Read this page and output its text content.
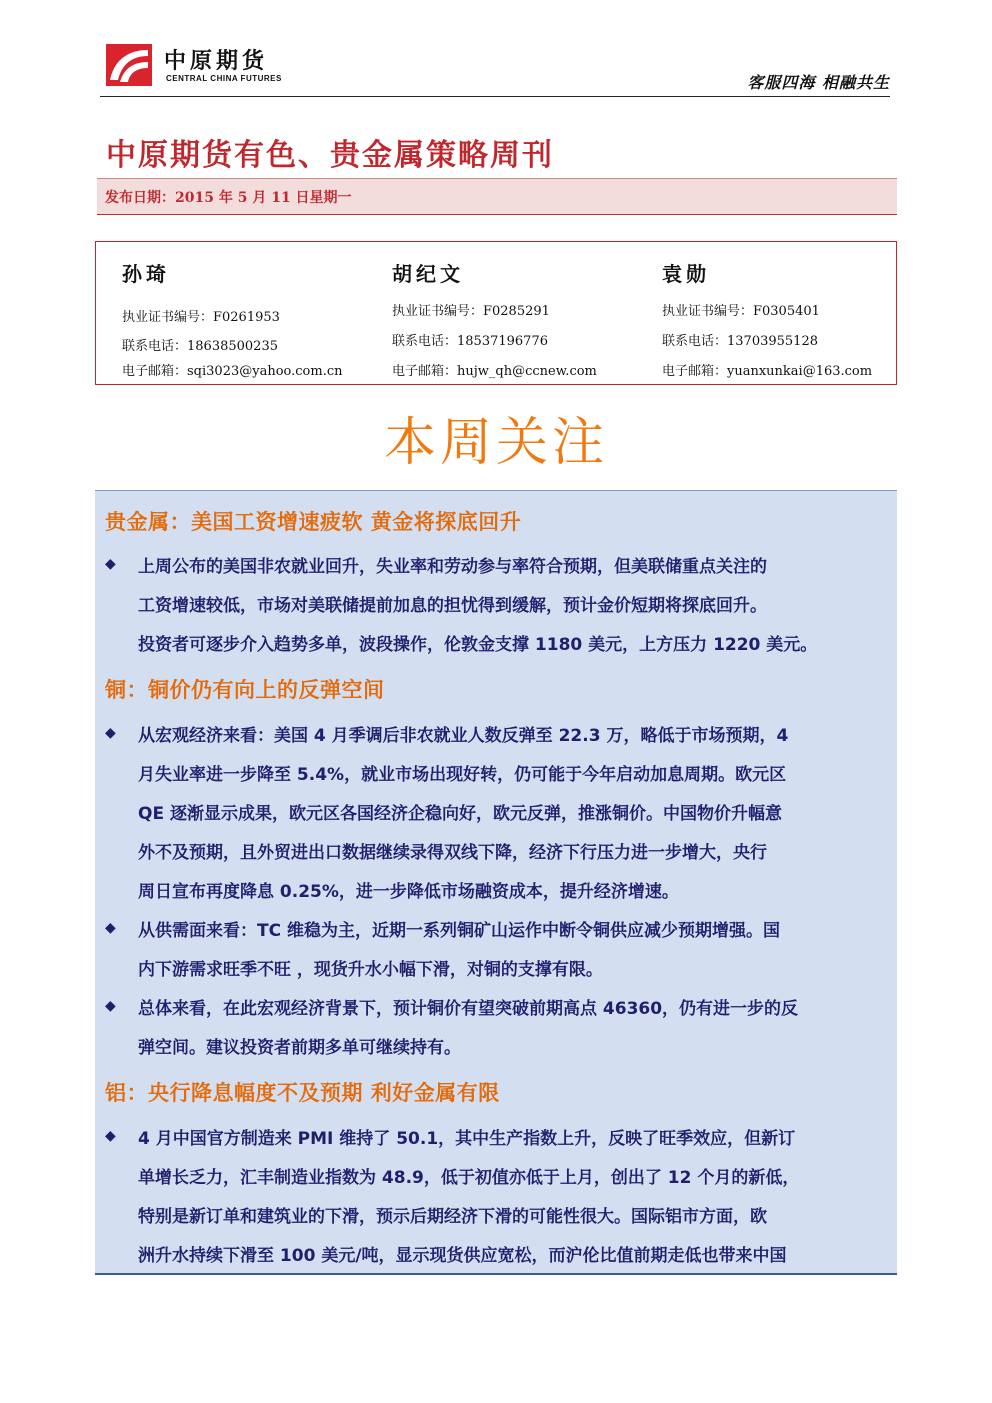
中原期货
CENTRAL CHINA FUTURES	客服四海 相融共生
中原期货有色、贵金属策略周刊
发布日期：2015 年 5 月 11 日星期一
孙琦
执业证书编号：F0261953
联系电话：18638500235
电子邮箱：sqi3023@yahoo.com.cn
胡纪文
执业证书编号：F0285291
联系电话：18537196776
电子邮箱：hujw_qh@ccnew.com
袁勋
执业证书编号：F0305401
联系电话：13703955128
电子邮箱：yuanxunkai@163.com
本周关注
贵金属：美国工资增速疲软 黄金将探底回升
◆ 上周公布的美国非农就业回升，失业率和劳动参与率符合预期，但美联储重点关注的
工资增速较低，市场对美联储提前加息的担忧得到缓解，预计金价短期将探底回升。
投资者可逐步介入趋势多单，波段操作，伦敦金支撑 1180 美元，上方压力 1220 美元。
铜：铜价仍有向上的反弹空间
◆ 从宏观经济来看：美国 4 月季调后非农就业人数反弹至 22.3 万，略低于市场预期，4
月失业率进一步降至 5.4%，就业市场出现好转，仍可能于今年启动加息周期。欧元区
QE 逐渐显示成果，欧元区各国经济企稳向好，欧元反弹，推涨铜价。中国物价升幅意
外不及预期，且外贸进出口数据继续录得双线下降，经济下行压力进一步增大，央行
周日宣布再度降息 0.25%，进一步降低市场融资成本，提升经济增速。
◆ 从供需面来看：TC 维稳为主，近期一系列铜矿山运作中断令铜供应减少预期增强。国
内下游需求旺季不旺 ，现货升水小幅下滑，对铜的支撑有限。
◆ 总体来看，在此宏观经济背景下，预计铜价有望突破前期高点 46360，仍有进一步的反
弹空间。建议投资者前期多单可继续持有。
铝：央行降息幅度不及预期 利好金属有限
◆ 4 月中国官方制造来 PMI 维持了 50.1，其中生产指数上升，反映了旺季效应，但新订
单增长乏力，汇丰制造业指数为 48.9，低于初值亦低于上月，创出了 12 个月的新低，
特别是新订单和建筑业的下滑，预示后期经济下滑的可能性很大。国际铝市方面，欧
洲升水持续下滑至 100 美元/吨，显示现货供应宽松，而沪伦比值前期走低也带来中国
